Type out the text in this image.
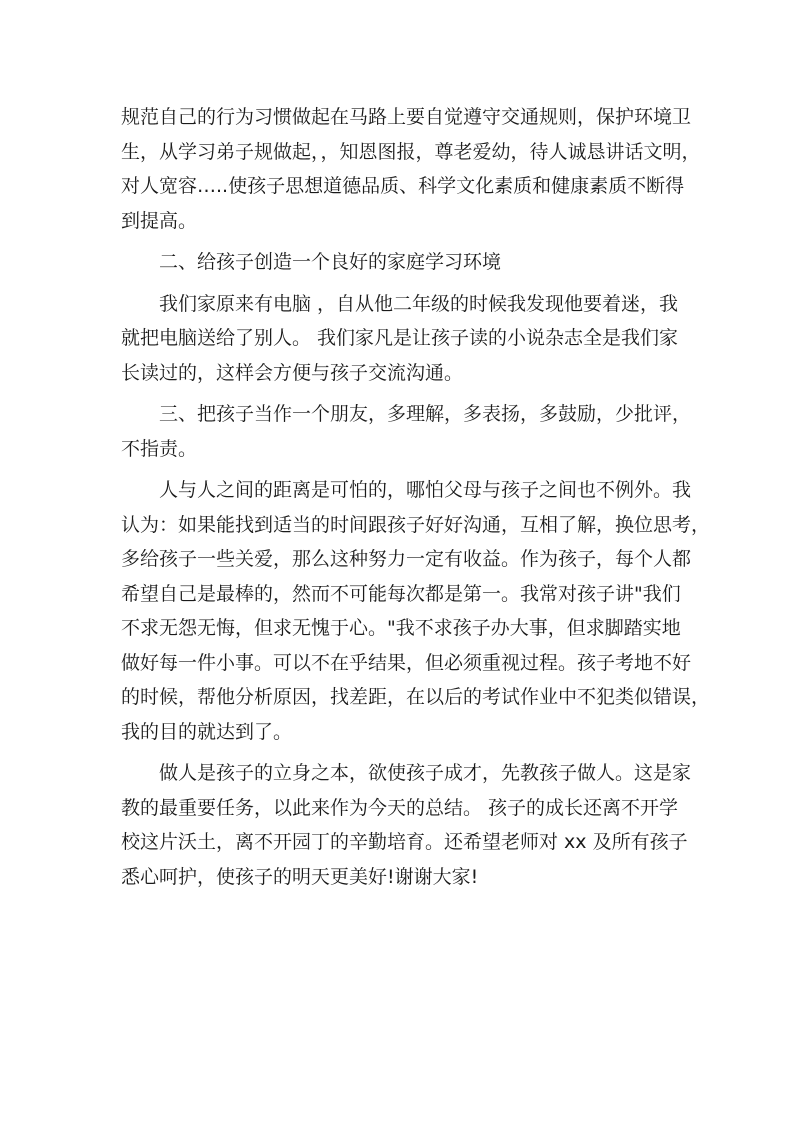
规范自己的行为习惯做起在马路上要自觉遵守交通规则，保护环境卫
生，从学习弟子规做起，，知恩图报，尊老爱幼，待人诚恳讲话文明，
对人宽容…..使孩子思想道德品质、科学文化素质和健康素质不断得
到提高。
二、给孩子创造一个良好的家庭学习环境
我们家原来有电脑 ，自从他二年级的时候我发现他要着迷，我
就把电脑送给了别人。 我们家凡是让孩子读的小说杂志全是我们家
长读过的，这样会方便与孩子交流沟通。
三、把孩子当作一个朋友，多理解，多表扬，多鼓励，少批评，
不指责。
人与人之间的距离是可怕的，哪怕父母与孩子之间也不例外。我
认为：如果能找到适当的时间跟孩子好好沟通，互相了解，换位思考，
多给孩子一些关爱，那么这种努力一定有收益。作为孩子，每个人都
希望自己是最棒的，然而不可能每次都是第一。我常对孩子讲"我们
不求无怨无悔，但求无愧于心。"我不求孩子办大事，但求脚踏实地
做好每一件小事。可以不在乎结果，但必须重视过程。孩子考地不好
的时候，帮他分析原因，找差距，在以后的考试作业中不犯类似错误，
我的目的就达到了。
做人是孩子的立身之本，欲使孩子成才，先教孩子做人。这是家
教的最重要任务，以此来作为今天的总结。 孩子的成长还离不开学
校这片沃土，离不开园丁的辛勤培育。还希望老师对 xx 及所有孩子
悉心呵护，使孩子的明天更美好!谢谢大家!
